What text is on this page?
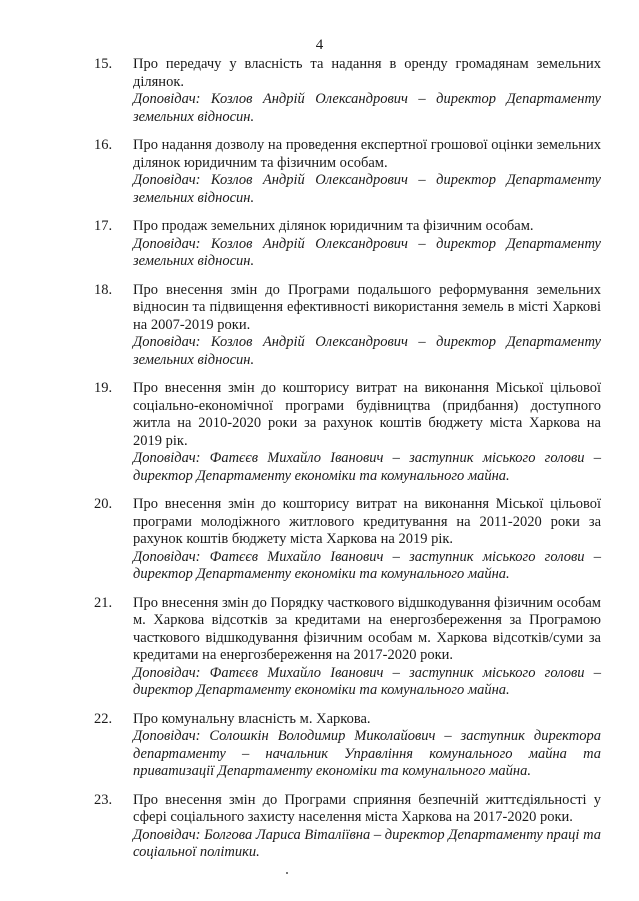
4
15. Про передачу у власність та надання в оренду громадянам земельних ділянок.
Доповідач: Козлов Андрій Олександрович – директор Департаменту земельних відносин.
16. Про надання дозволу на проведення експертної грошової оцінки земельних ділянок юридичним та фізичним особам.
Доповідач: Козлов Андрій Олександрович – директор Департаменту земельних відносин.
17. Про продаж земельних ділянок юридичним та фізичним особам.
Доповідач: Козлов Андрій Олександрович – директор Департаменту земельних відносин.
18. Про внесення змін до Програми подальшого реформування земельних відносин та підвищення ефективності використання земель в місті Харкові на 2007-2019 роки.
Доповідач: Козлов Андрій Олександрович – директор Департаменту земельних відносин.
19. Про внесення змін до кошторису витрат на виконання Міської цільової соціально-економічної програми будівництва (придбання) доступного житла на 2010-2020 роки за рахунок коштів бюджету міста Харкова на 2019 рік.
Доповідач: Фатєєв Михайло Іванович – заступник міського голови – директор Департаменту економіки та комунального майна.
20. Про внесення змін до кошторису витрат на виконання Міської цільової програми молодіжного житлового кредитування на 2011-2020 роки за рахунок коштів бюджету міста Харкова на 2019 рік.
Доповідач: Фатєєв Михайло Іванович – заступник міського голови – директор Департаменту економіки та комунального майна.
21. Про внесення змін до Порядку часткового відшкодування фізичним особам м. Харкова відсотків за кредитами на енергозбереження за Програмою часткового відшкодування фізичним особам м. Харкова відсотків/суми за кредитами на енергозбереження на 2017-2020 роки.
Доповідач: Фатєєв Михайло Іванович – заступник міського голови – директор Департаменту економіки та комунального майна.
22. Про комунальну власність м. Харкова.
Доповідач: Солошкін Володимир Миколайович – заступник директора департаменту – начальник Управління комунального майна та приватизації Департаменту економіки та комунального майна.
23. Про внесення змін до Програми сприяння безпечній життєдіяльності у сфері соціального захисту населення міста Харкова на 2017-2020 роки.
Доповідач: Болгова Лариса Віталіївна – директор Департаменту праці та соціальної політики.
